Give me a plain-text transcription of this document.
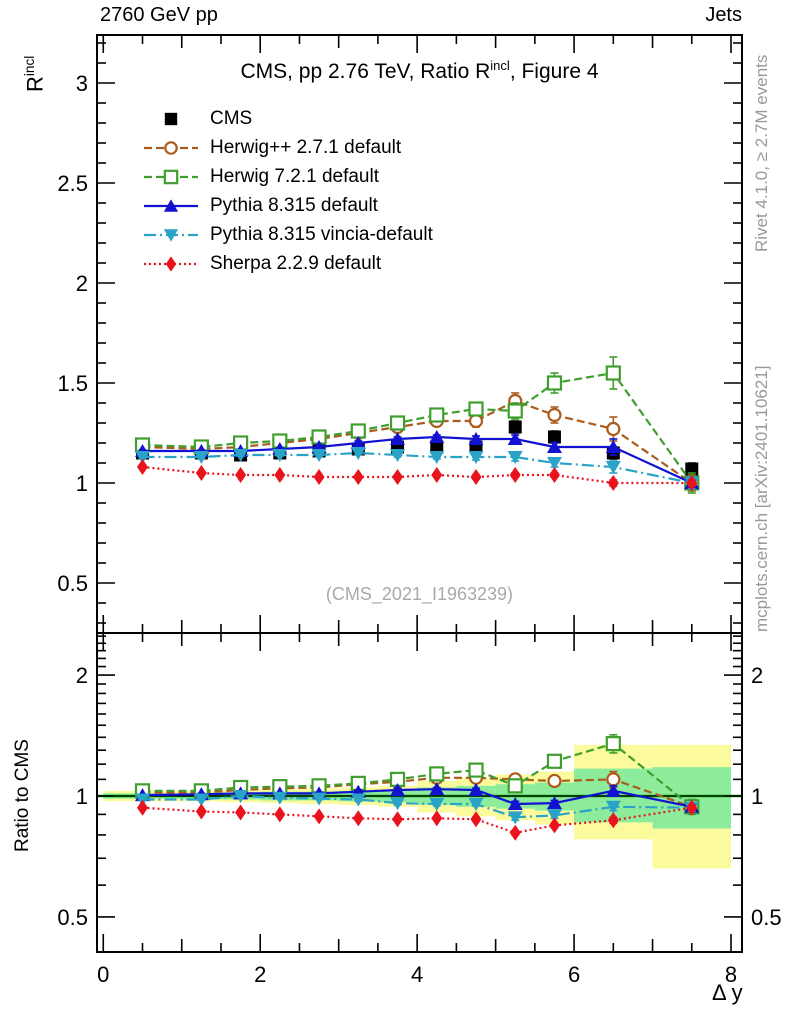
2760 GeV pp	Jets
0	2	4	6	8
0.5
1
1.5
2
2.5
3
0.5	0.5
1	1
2	2
CMS, pp 2.76 TeV, Ratio $R^{incl}$, Figure 4
CMS
Herwig++ 2.7.1 default
Herwig 7.2.1 default
Pythia 8.315 default
Pythia 8.315 vincia-default
Sherpa 2.2.9 default
(CMS_2021_I1963239)
$R^{incl}$
Ratio to CMS
Rivet 4.1.0, ≥ 2.7M events
mcplots.cern.ch [arXiv:2401.10621]
Δ y
